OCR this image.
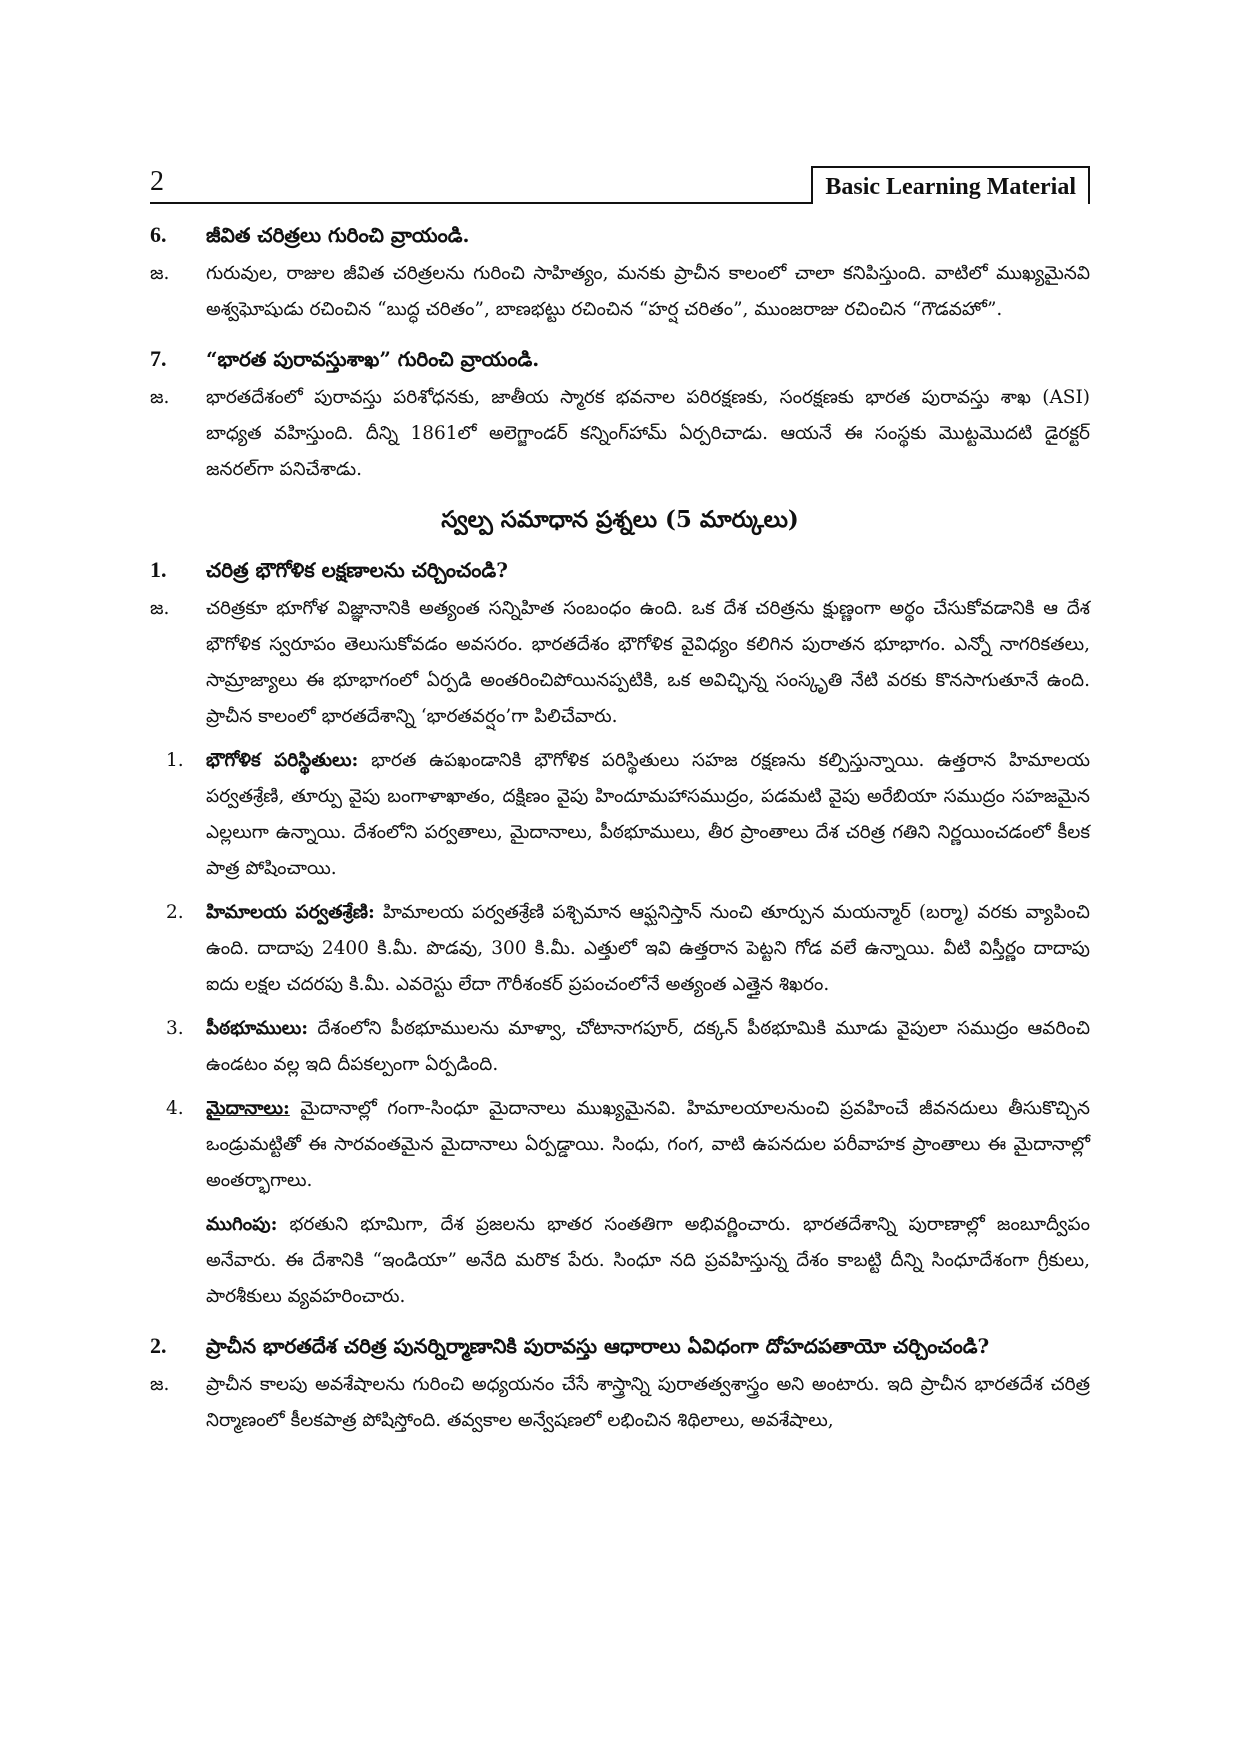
2	Basic Learning Material
6.	జీవిత చరిత్రలు గురించి వ్రాయండి.
జ.	గురువుల, రాజుల జీవిత చరిత్రలను గురించి సాహిత్యం, మనకు ప్రాచీన కాలంలో చాలా కనిపిస్తుంది. వాటిలో ముఖ్యమైనవి అశ్వఘోషుడు రచించిన “బుద్ధ చరితం”, బాణభట్టు రచించిన “హర్ష చరితం”, ముంజరాజు రచించిన “గౌడవహో”.
7.	“భారత పురావస్తుశాఖ” గురించి వ్రాయండి.
జ.	భారతదేశంలో పురావస్తు పరిశోధనకు, జాతీయ స్మారక భవనాల పరిరక్షణకు, సంరక్షణకు భారత పురావస్తు శాఖ (ASI) బాధ్యత వహిస్తుంది. దీన్ని 1861లో అలెగ్జాండర్ కన్నింగ్‌హామ్ ఏర్పరిచాడు. ఆయనే ఈ సంస్థకు మొట్టమొదటి డైరక్టర్ జనరల్‌గా పనిచేశాడు.
స్వల్ప సమాధాన ప్రశ్నలు (5 మార్కులు)
1.	చరిత్ర భౌగోళిక లక్షణాలను చర్చించండి?
జ.	చరిత్రకూ భూగోళ విజ్ఞానానికి అత్యంత సన్నిహిత సంబంధం ఉంది. ఒక దేశ చరిత్రను క్షుణ్ణంగా అర్థం చేసుకోవడానికి ఆ దేశ భౌగోళిక స్వరూపం తెలుసుకోవడం అవసరం. భారతదేశం భౌగోళిక వైవిధ్యం కలిగిన పురాతన భూభాగం. ఎన్నో నాగరికతలు, సామ్రాజ్యాలు ఈ భూభాగంలో ఏర్పడి అంతరించిపోయినప్పటికి, ఒక అవిచ్ఛిన్న సంస్కృతి నేటి వరకు కొనసాగుతూనే ఉంది. ప్రాచీన కాలంలో భారతదేశాన్ని ‘భారతవర్షం’గా పిలిచేవారు.
1.	భౌగోళిక పరిస్థితులు: భారత ఉపఖండానికి భౌగోళిక పరిస్థితులు సహజ రక్షణను కల్పిస్తున్నాయి. ఉత్తరాన హిమాలయ పర్వతశ్రేణి, తూర్పు వైపు బంగాళాఖాతం, దక్షిణం వైపు హిందూమహాసముద్రం, పడమటి వైపు అరేబియా సముద్రం సహజమైన ఎల్లలుగా ఉన్నాయి. దేశంలోని పర్వతాలు, మైదానాలు, పీఠభూములు, తీర ప్రాంతాలు దేశ చరిత్ర గతిని నిర్ణయించడంలో కీలక పాత్ర పోషించాయి.
2.	హిమాలయ పర్వతశ్రేణి: హిమాలయ పర్వతశ్రేణి పశ్చిమాన ఆఫ్ఘనిస్తాన్ నుంచి తూర్పున మయన్మార్ (బర్మా) వరకు వ్యాపించి ఉంది. దాదాపు 2400 కి.మీ. పొడవు, 300 కి.మీ. ఎత్తులో ఇవి ఉత్తరాన పెట్టని గోడ వలే ఉన్నాయి. వీటి విస్తీర్ణం దాదాపు ఐదు లక్షల చదరపు కి.మీ. ఎవరెస్టు లేదా గౌరీశంకర్ ప్రపంచంలోనే అత్యంత ఎత్తైన శిఖరం.
3.	పీఠభూములు: దేశంలోని పీఠభూములను మాళ్వా, చోటానాగపూర్, దక్కన్ పీఠభూమికి మూడు వైపులా సముద్రం ఆవరించి ఉండటం వల్ల ఇది దీపకల్పంగా ఏర్పడింది.
4.	మైదానాలు: మైదానాల్లో గంగా-సింధూ మైదానాలు ముఖ్యమైనవి. హిమాలయాలనుంచి ప్రవహించే జీవనదులు తీసుకొచ్చిన ఒండ్రుమట్టితో ఈ సారవంతమైన మైదానాలు ఏర్పడ్డాయి. సింధు, గంగ, వాటి ఉపనదుల పరీవాహక ప్రాంతాలు ఈ మైదానాల్లో అంతర్భాగాలు.
ముగింపు: భరతుని భూమిగా, దేశ ప్రజలను భాతర సంతతిగా అభివర్ణించారు. భారతదేశాన్ని పురాణాల్లో జంబూద్వీపం అనేవారు. ఈ దేశానికి “ఇండియా” అనేది మరొక పేరు. సింధూ నది ప్రవహిస్తున్న దేశం కాబట్టి దీన్ని సింధూదేశంగా గ్రీకులు, పారశీకులు వ్యవహరించారు.
2.	ప్రాచీన భారతదేశ చరిత్ర పునర్నిర్మాణానికి పురావస్తు ఆధారాలు ఏవిధంగా దోహదపతాయో చర్చించండి?
జ.	ప్రాచీన కాలపు అవశేషాలను గురించి అధ్యయనం చేసే శాస్త్రాన్ని పురాతత్వశాస్త్రం అని అంటారు. ఇది ప్రాచీన భారతదేశ చరిత్ర నిర్మాణంలో కీలకపాత్ర పోషిస్తోంది. తవ్వకాల అన్వేషణలో లభించిన శిథిలాలు, అవశేషాలు,
